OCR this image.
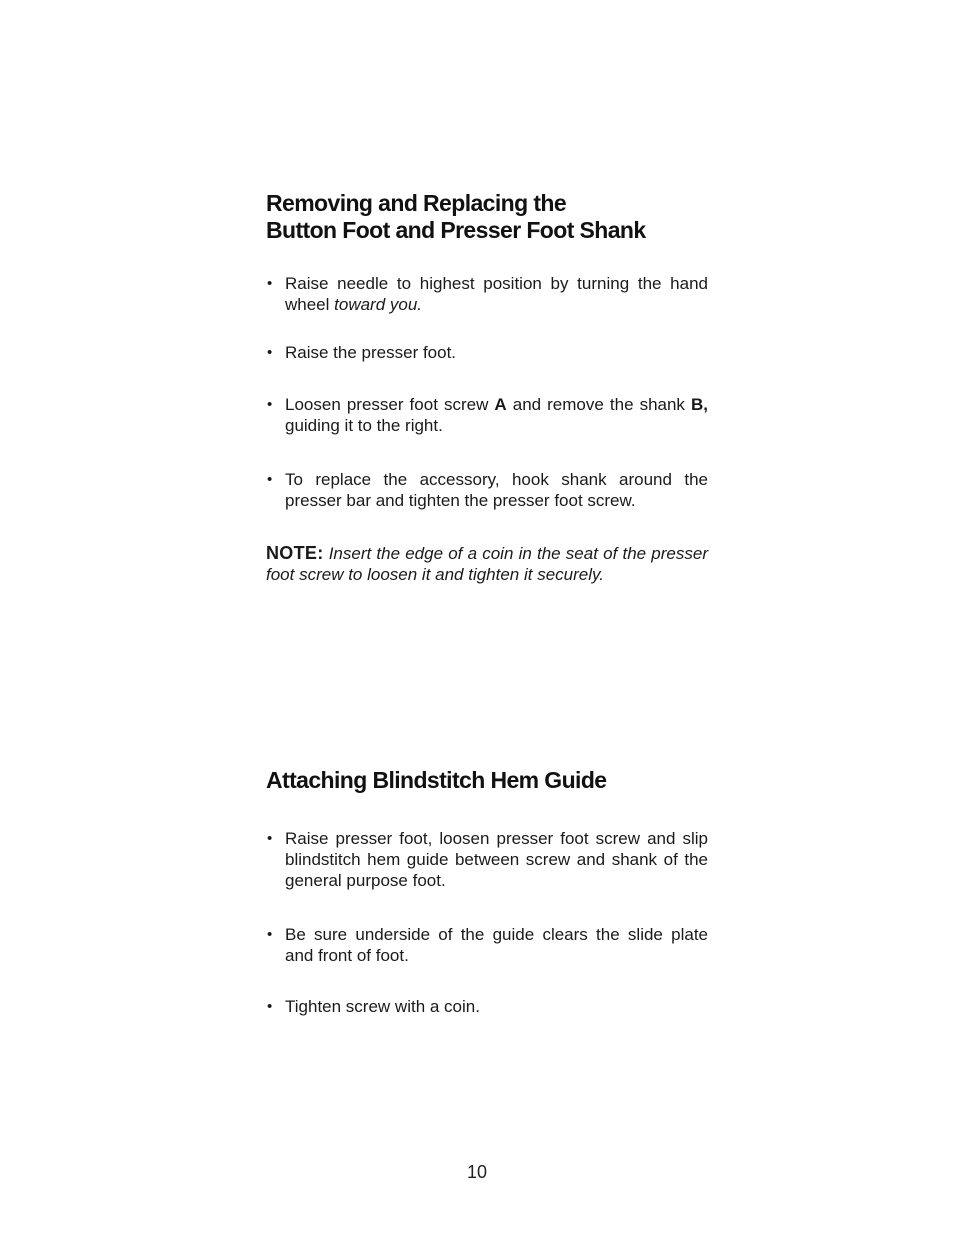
Removing and Replacing the
Button Foot and Presser Foot Shank
• Raise needle to highest position by turning the hand wheel toward you.
• Raise the presser foot.
• Loosen presser foot screw A and remove the shank B, guiding it to the right.
• To replace the accessory, hook shank around the presser bar and tighten the presser foot screw.
NOTE: Insert the edge of a coin in the seat of the presser foot screw to loosen it and tighten it securely.
Attaching Blindstitch Hem Guide
• Raise presser foot, loosen presser foot screw and slip blindstitch hem guide between screw and shank of the general purpose foot.
• Be sure underside of the guide clears the slide plate and front of foot.
• Tighten screw with a coin.
10
